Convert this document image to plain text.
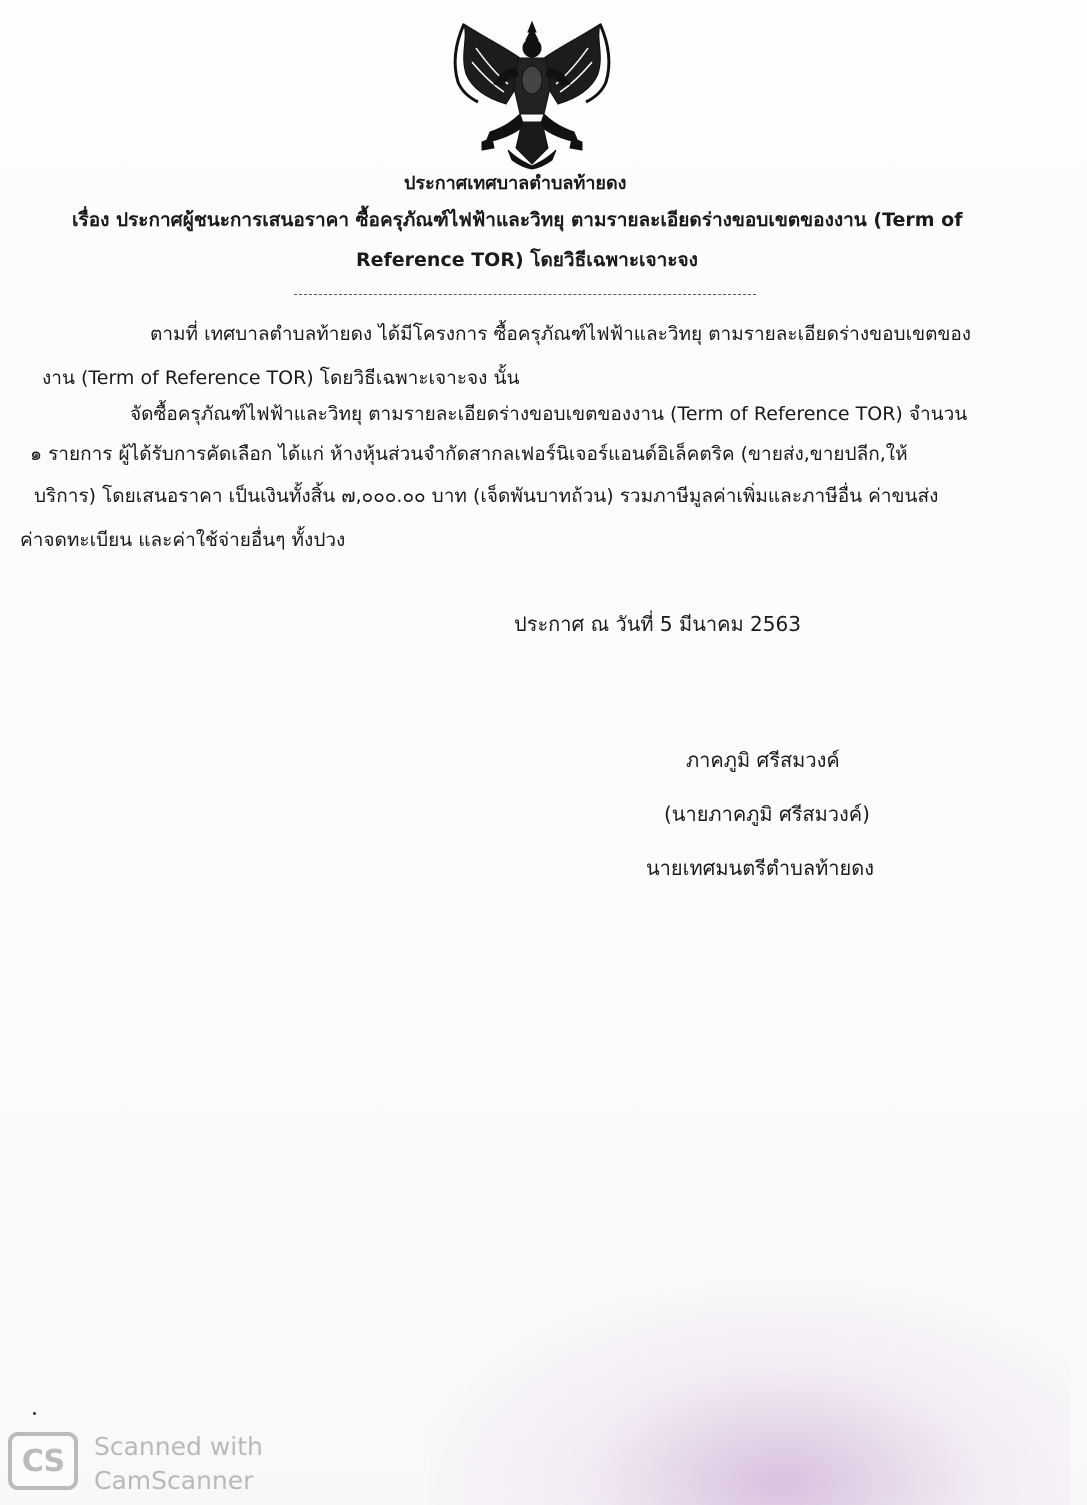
ประกาศเทศบาลตำบลท้ายดง
เรื่อง ประกาศผู้ชนะการเสนอราคา ซื้อครุภัณฑ์ไฟฟ้าและวิทยุ ตามรายละเอียดร่างขอบเขตของงาน (Term of
Reference TOR) โดยวิธีเฉพาะเจาะจง
ตามที่ เทศบาลตำบลท้ายดง ได้มีโครงการ ซื้อครุภัณฑ์ไฟฟ้าและวิทยุ ตามรายละเอียดร่างขอบเขตของ
งาน (Term of Reference TOR) โดยวิธีเฉพาะเจาะจง นั้น
จัดซื้อครุภัณฑ์ไฟฟ้าและวิทยุ ตามรายละเอียดร่างขอบเขตของงาน (Term of Reference TOR) จำนวน
๑ รายการ ผู้ได้รับการคัดเลือก ได้แก่ ห้างหุ้นส่วนจำกัดสากลเฟอร์นิเจอร์แอนด์อิเล็คตริค (ขายส่ง,ขายปลีก,ให้
บริการ) โดยเสนอราคา เป็นเงินทั้งสิ้น ๗,๐๐๐.๐๐ บาท (เจ็ดพันบาทถ้วน) รวมภาษีมูลค่าเพิ่มและภาษีอื่น ค่าขนส่ง
ค่าจดทะเบียน และค่าใช้จ่ายอื่นๆ ทั้งปวง
ประกาศ ณ วันที่ 5 มีนาคม 2563
ภาคภูมิ ศรีสมวงค์
(นายภาคภูมิ ศรีสมวงค์)
นายเทศมนตรีตำบลท้ายดง
CS	Scanned with
CamScanner
